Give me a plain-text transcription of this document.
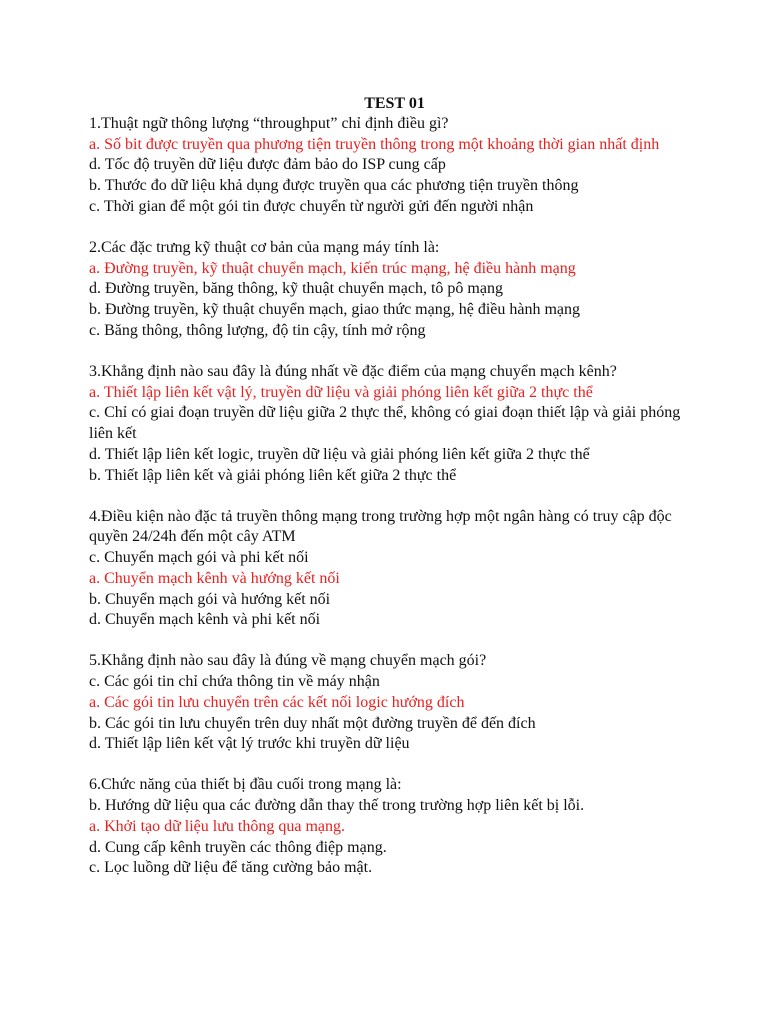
TEST 01
1.Thuật ngữ thông lượng “throughput” chỉ định điều gì?
a. Số bit được truyền qua phương tiện truyền thông trong một khoảng thời gian nhất định
d. Tốc độ truyền dữ liệu được đảm bảo do ISP cung cấp
b. Thước đo dữ liệu khả dụng được truyền qua các phương tiện truyền thông
c. Thời gian để một gói tin được chuyển từ người gửi đến người nhận
2.Các đặc trưng kỹ thuật cơ bản của mạng máy tính là:
a. Đường truyền, kỹ thuật chuyển mạch, kiến trúc mạng, hệ điều hành mạng
d. Đường truyền, băng thông, kỹ thuật chuyển mạch, tô pô mạng
b. Đường truyền, kỹ thuật chuyển mạch, giao thức mạng, hệ điều hành mạng
c. Băng thông, thông lượng, độ tin cậy, tính mở rộng
3.Khẳng định nào sau đây là đúng nhất về đặc điểm của mạng chuyển mạch kênh?
a. Thiết lập liên kết vật lý, truyền dữ liệu và giải phóng liên kết giữa 2 thực thể
c. Chỉ có giai đoạn truyền dữ liệu giữa 2 thực thể, không có giai đoạn thiết lập và giải phóng liên kết
d. Thiết lập liên kết logic, truyền dữ liệu và giải phóng liên kết giữa 2 thực thể
b. Thiết lập liên kết và giải phóng liên kết giữa 2 thực thể
4.Điều kiện nào đặc tả truyền thông mạng trong trường hợp một ngân hàng có truy cập độc quyền 24/24h đến một cây ATM
c. Chuyển mạch gói và phi kết nối
a. Chuyển mạch kênh và hướng kết nối
b. Chuyển mạch gói và hướng kết nối
d. Chuyển mạch kênh và phi kết nối
5.Khẳng định nào sau đây là đúng về mạng chuyển mạch gói?
c. Các gói tin chỉ chứa thông tin về máy nhận
a. Các gói tin lưu chuyển trên các kết nối logic hướng đích
b. Các gói tin lưu chuyển trên duy nhất một đường truyền để đến đích
d. Thiết lập liên kết vật lý trước khi truyền dữ liệu
6.Chức năng của thiết bị đầu cuối trong mạng là:
b. Hướng dữ liệu qua các đường dẫn thay thế trong trường hợp liên kết bị lỗi.
a. Khởi tạo dữ liệu lưu thông qua mạng.
d. Cung cấp kênh truyền các thông điệp mạng.
c. Lọc luồng dữ liệu để tăng cường bảo mật.
